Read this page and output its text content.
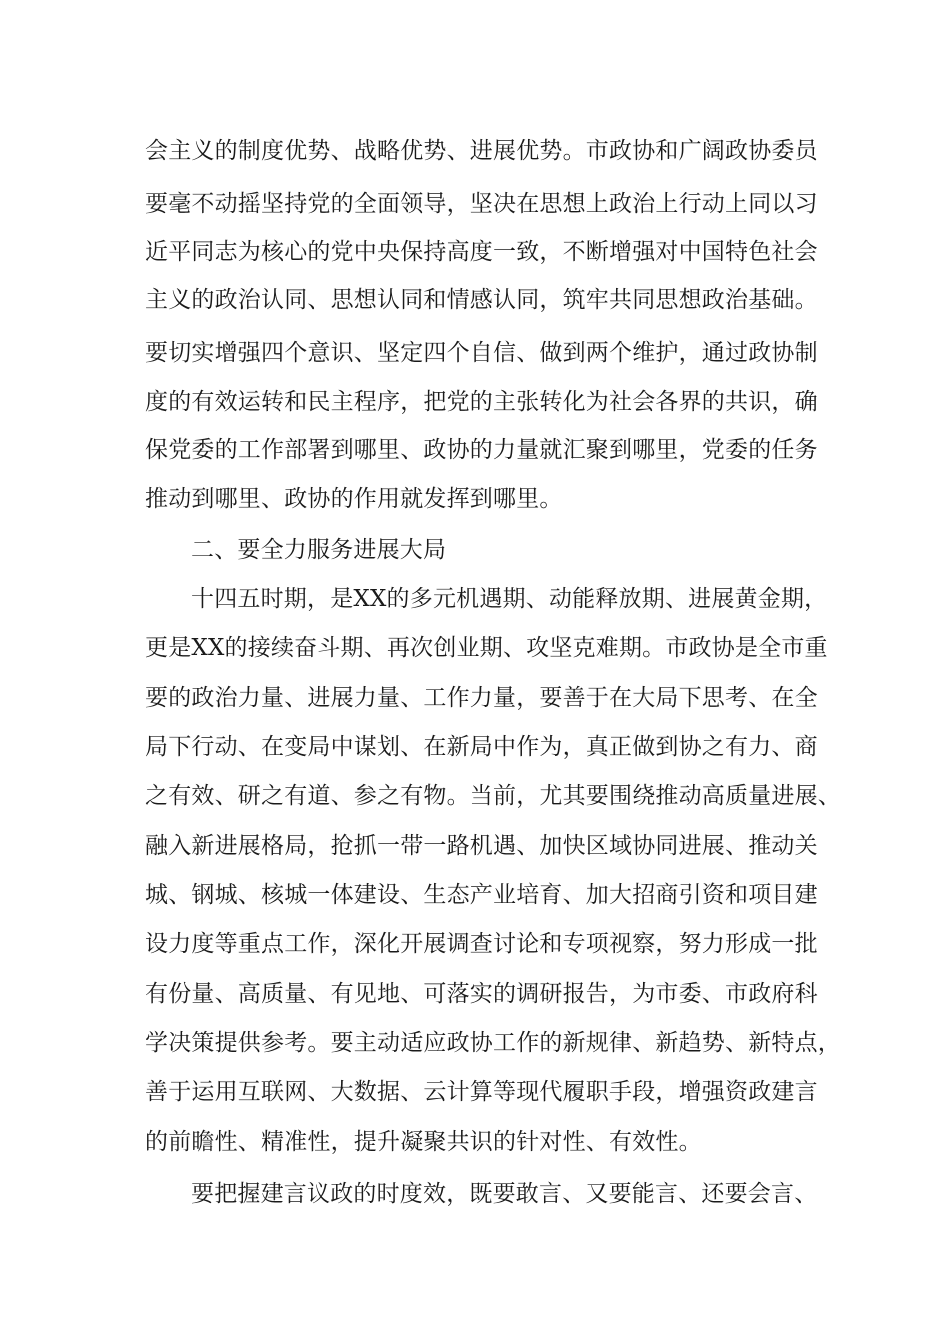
会主义的制度优势、战略优势、进展优势。市政协和广阔政协委员
要毫不动摇坚持党的全面领导，坚决在思想上政治上行动上同以习
近平同志为核心的党中央保持高度一致，不断增强对中国特色社会
主义的政治认同、思想认同和情感认同，筑牢共同思想政治基础。
要切实增强四个意识、坚定四个自信、做到两个维护，通过政协制
度的有效运转和民主程序，把党的主张转化为社会各界的共识，确
保党委的工作部署到哪里、政协的力量就汇聚到哪里，党委的任务
推动到哪里、政协的作用就发挥到哪里。
二、要全力服务进展大局
十四五时期，是XX的多元机遇期、动能释放期、进展黄金期，
更是XX的接续奋斗期、再次创业期、攻坚克难期。市政协是全市重
要的政治力量、进展力量、工作力量，要善于在大局下思考、在全
局下行动、在变局中谋划、在新局中作为，真正做到协之有力、商
之有效、研之有道、参之有物。当前，尤其要围绕推动高质量进展、
融入新进展格局，抢抓一带一路机遇、加快区域协同进展、推动关
城、钢城、核城一体建设、生态产业培育、加大招商引资和项目建
设力度等重点工作，深化开展调查讨论和专项视察，努力形成一批
有份量、高质量、有见地、可落实的调研报告，为市委、市政府科
学决策提供参考。要主动适应政协工作的新规律、新趋势、新特点，
善于运用互联网、大数据、云计算等现代履职手段，增强资政建言
的前瞻性、精准性，提升凝聚共识的针对性、有效性。
要把握建言议政的时度效，既要敢言、又要能言、还要会言、
